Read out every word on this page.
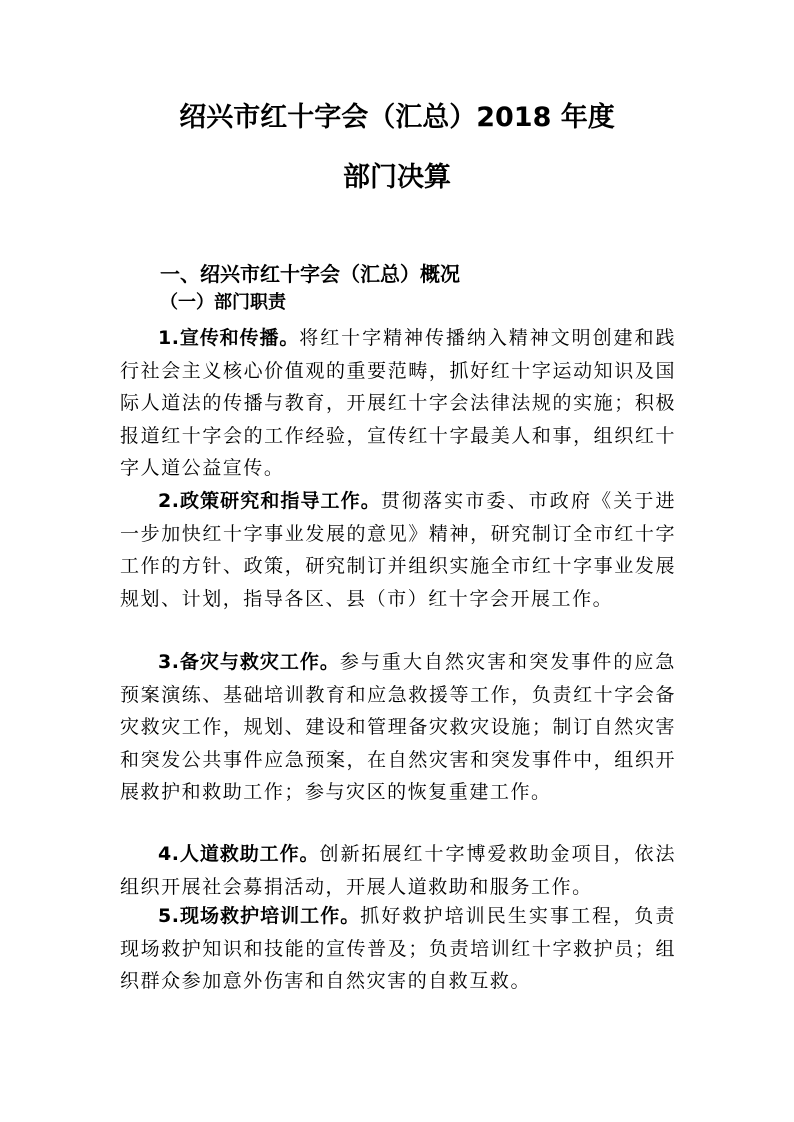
绍兴市红十字会（汇总）2018 年度
部门决算
一、绍兴市红十字会（汇总）概况
（一）部门职责

1.宣传和传播。将红十字精神传播纳入精神文明创建和践行社会主义核心价值观的重要范畴，抓好红十字运动知识及国际人道法的传播与教育，开展红十字会法律法规的实施；积极报道红十字会的工作经验，宣传红十字最美人和事，组织红十字人道公益宣传。

2.政策研究和指导工作。贯彻落实市委、市政府《关于进一步加快红十字事业发展的意见》精神，研究制订全市红十字工作的方针、政策，研究制订并组织实施全市红十字事业发展规划、计划，指导各区、县（市）红十字会开展工作。

3.备灾与救灾工作。参与重大自然灾害和突发事件的应急预案演练、基础培训教育和应急救援等工作，负责红十字会备灾救灾工作，规划、建设和管理备灾救灾设施；制订自然灾害和突发公共事件应急预案，在自然灾害和突发事件中，组织开展救护和救助工作；参与灾区的恢复重建工作。

4.人道救助工作。创新拓展红十字博爱救助金项目，依法组织开展社会募捐活动，开展人道救助和服务工作。

5.现场救护培训工作。抓好救护培训民生实事工程，负责现场救护知识和技能的宣传普及；负责培训红十字救护员；组织群众参加意外伤害和自然灾害的自救互救。
